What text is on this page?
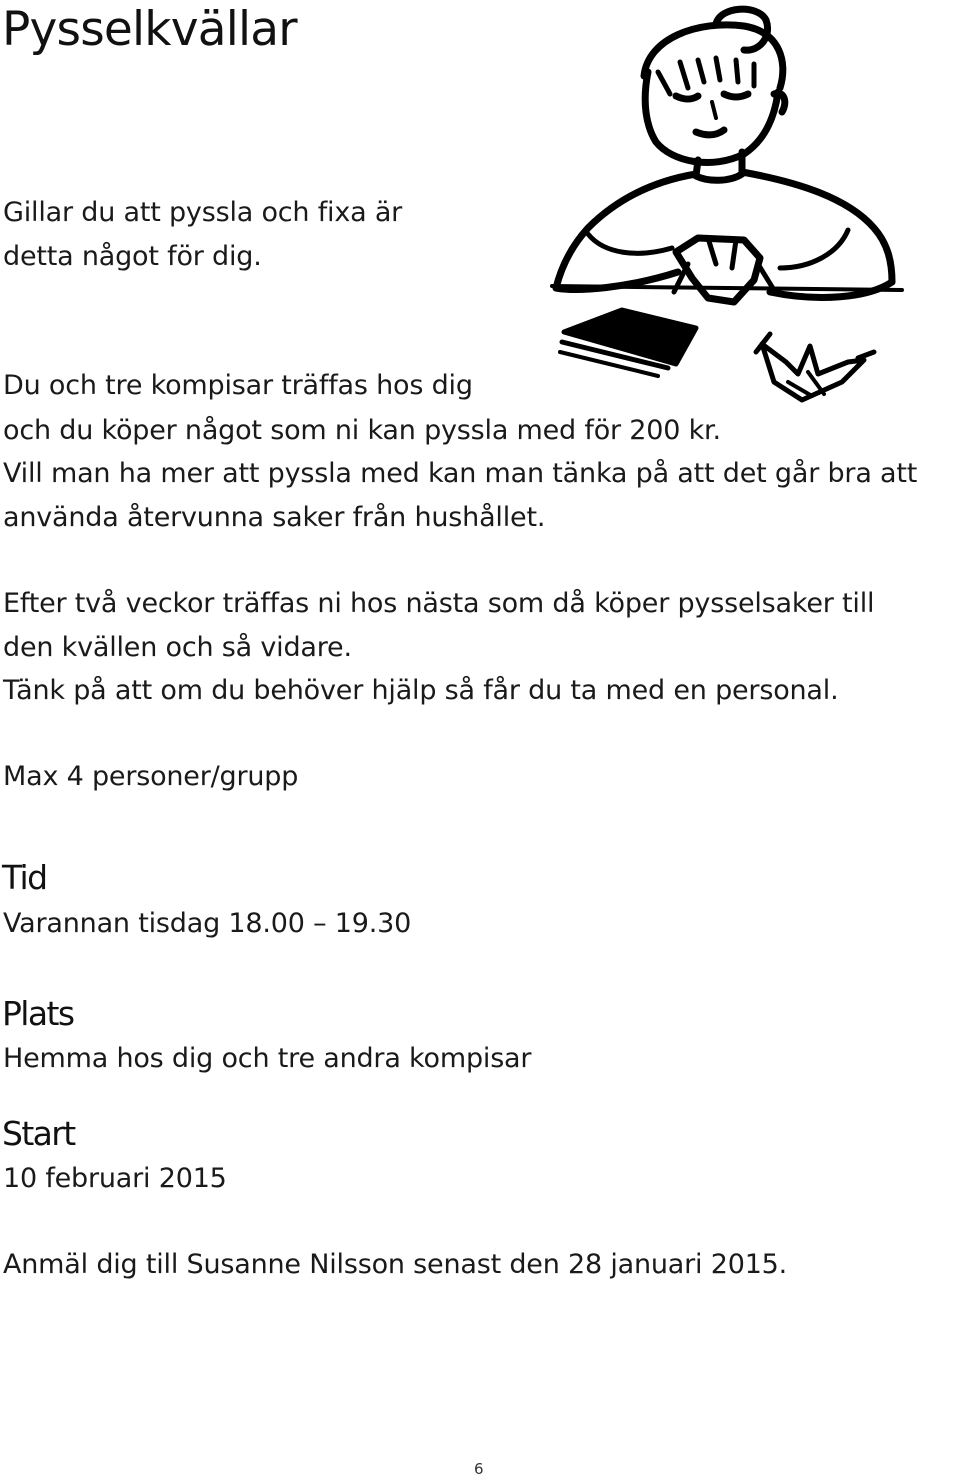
Pysselkvällar

Gillar du att pyssla och fixa är

detta något för dig.

Du och tre kompisar träffas hos dig

och du köper något som ni kan pyssla med för 200 kr.

Vill man ha mer att pyssla med kan man tänka på att det går bra att

använda återvunna saker från hushållet.

Efter två veckor träffas ni hos nästa som då köper pysselsaker till

den kvällen och så vidare.

Tänk på att om du behöver hjälp så får du ta med en personal.

Max 4 personer/grupp

Tid

Varannan tisdag 18.00 – 19.30

Plats

Hemma hos dig och tre andra kompisar

Start

10 februari 2015

Anmäl dig till Susanne Nilsson senast den 28 januari 2015.

6
